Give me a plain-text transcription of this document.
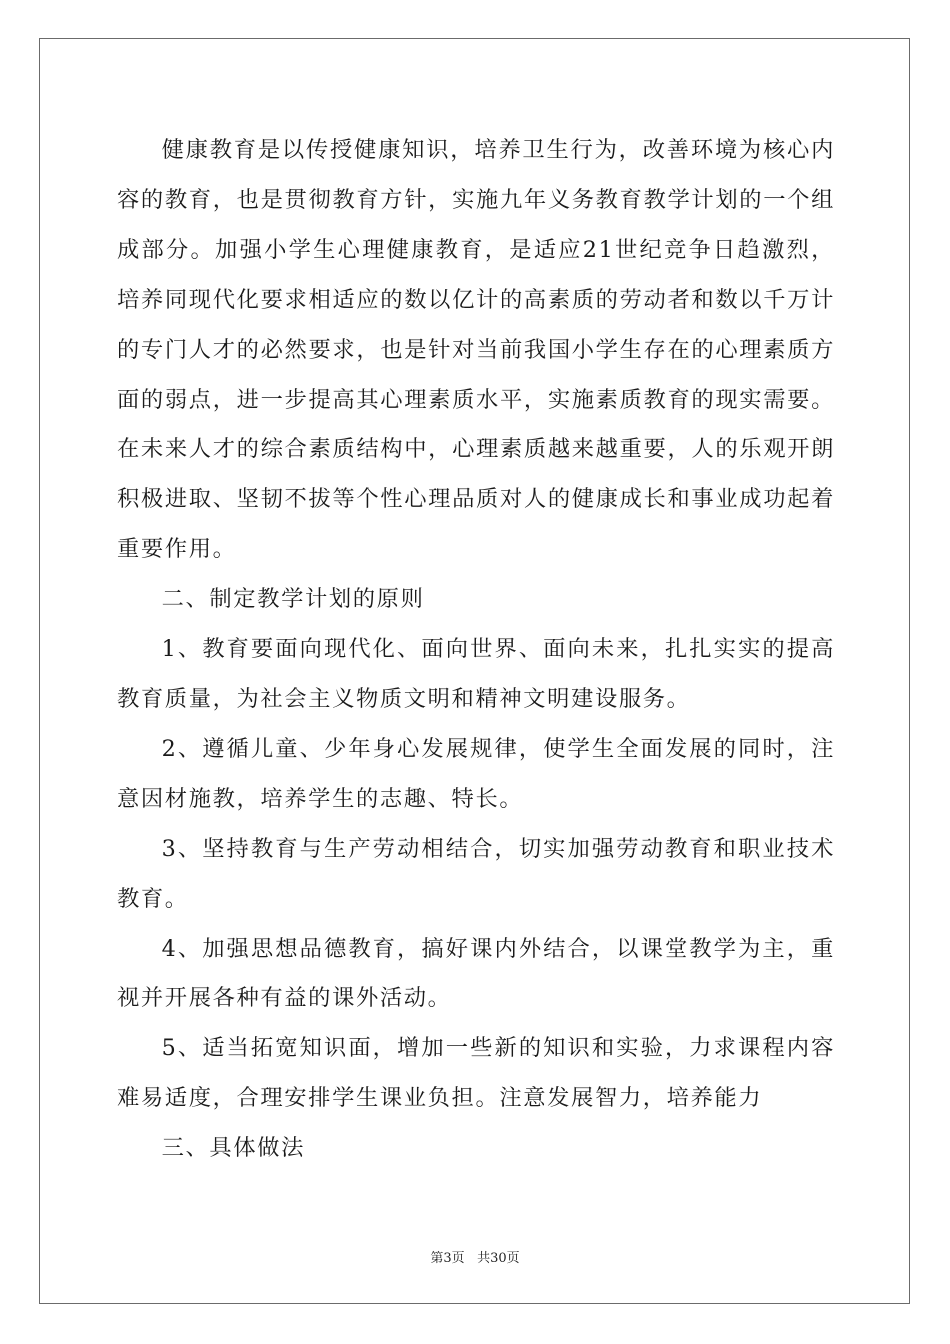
健康教育是以传授健康知识，培养卫生行为，改善环境为核心内容的教育，也是贯彻教育方针，实施九年义务教育教学计划的一个组成部分。加强小学生心理健康教育，是适应21世纪竞争日趋激烈，培养同现代化要求相适应的数以亿计的高素质的劳动者和数以千万计的专门人才的必然要求，也是针对当前我国小学生存在的心理素质方面的弱点，进一步提高其心理素质水平，实施素质教育的现实需要。在未来人才的综合素质结构中，心理素质越来越重要，人的乐观开朗积极进取、坚韧不拔等个性心理品质对人的健康成长和事业成功起着重要作用。

二、制定教学计划的原则

1、教育要面向现代化、面向世界、面向未来，扎扎实实的提高教育质量，为社会主义物质文明和精神文明建设服务。

2、遵循儿童、少年身心发展规律，使学生全面发展的同时，注意因材施教，培养学生的志趣、特长。

3、坚持教育与生产劳动相结合，切实加强劳动教育和职业技术教育。

4、加强思想品德教育，搞好课内外结合，以课堂教学为主，重视并开展各种有益的课外活动。

5、适当拓宽知识面，增加一些新的知识和实验，力求课程内容难易适度，合理安排学生课业负担。注意发展智力，培养能力

三、具体做法

第3页 共30页
